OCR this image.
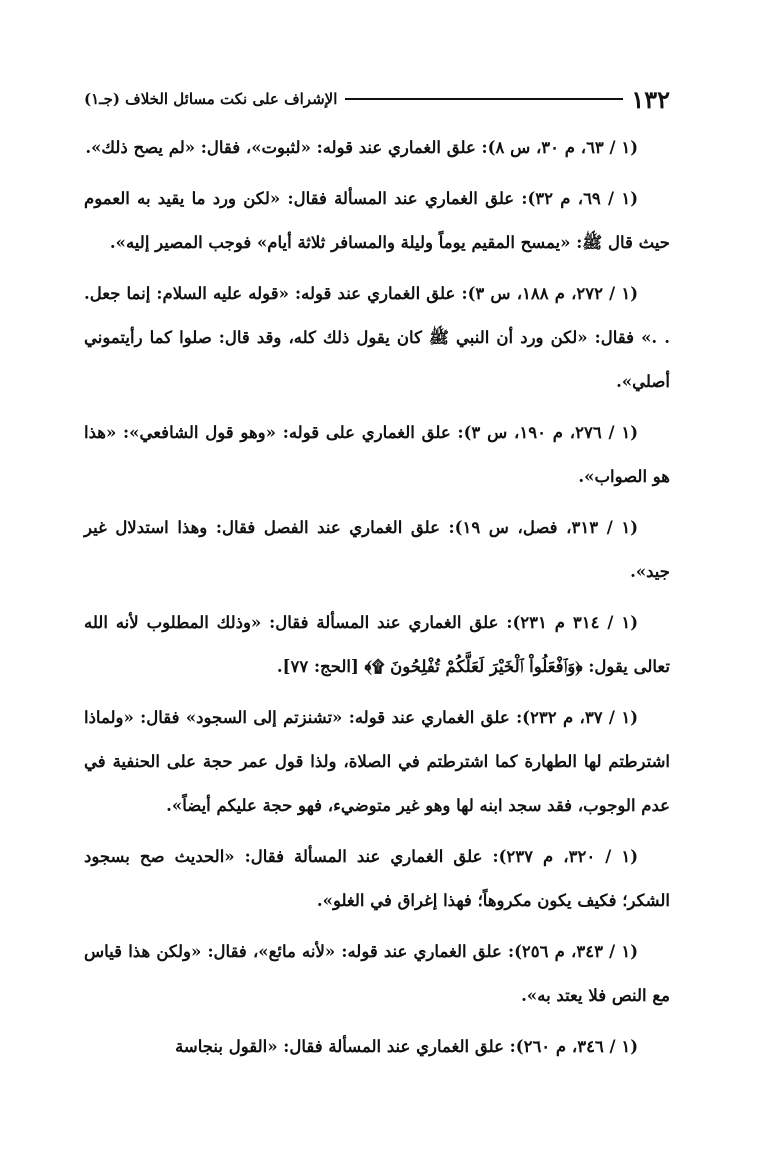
١٣٢
الإشراف على نكت مسائل الخلاف (جـ١)

(١ / ٦٣، م ٣٠، س ٨): علق الغماري عند قوله: «لثبوت»، فقال: «لم يصح ذلك».

(١ / ٦٩، م ٣٢): علق الغماري عند المسألة فقال: «لكن ورد ما يقيد به العموم حيث قال ﷺ: «يمسح المقيم يوماً وليلة والمسافر ثلاثة أيام» فوجب المصير إليه».

(١ / ٢٧٢، م ١٨٨، س ٣): علق الغماري عند قوله: «قوله عليه السلام: إنما جعل. . .» فقال: «لكن ورد أن النبي ﷺ كان يقول ذلك كله، وقد قال: صلوا كما رأيتموني أصلي».

(١ / ٢٧٦، م ١٩٠، س ٣): علق الغماري على قوله: «وهو قول الشافعي»: «هذا هو الصواب».

(١ / ٣١٣، فصل، س ١٩): علق الغماري عند الفصل فقال: وهذا استدلال غير جيد».

(١ / ٣١٤ م ٢٣١): علق الغماري عند المسألة فقال: «وذلك المطلوب لأنه الله تعالى يقول: ﴿وَٱفْعَلُواْ ٱلْخَيْرَ لَعَلَّكُمْ تُفْلِحُونَ ۩﴾ [الحج: ٧٧].

(١ / ٣٧، م ٢٣٢): علق الغماري عند قوله: «تشنزتم إلى السجود» فقال: «ولماذا اشترطتم لها الطهارة كما اشترطتم في الصلاة، ولذا قول عمر حجة على الحنفية في عدم الوجوب، فقد سجد ابنه لها وهو غير متوضيء، فهو حجة عليكم أيضاً».

(١ / ٣٢٠، م ٢٣٧): علق الغماري عند المسألة فقال: «الحديث صح بسجود الشكر؛ فكيف يكون مكروهاً؛ فهذا إغراق في الغلو».

(١ / ٣٤٣، م ٢٥٦): علق الغماري عند قوله: «لأنه مائع»، فقال: «ولكن هذا قياس مع النص فلا يعتد به».

(١ / ٣٤٦، م ٢٦٠): علق الغماري عند المسألة فقال: «القول بنجاسة
